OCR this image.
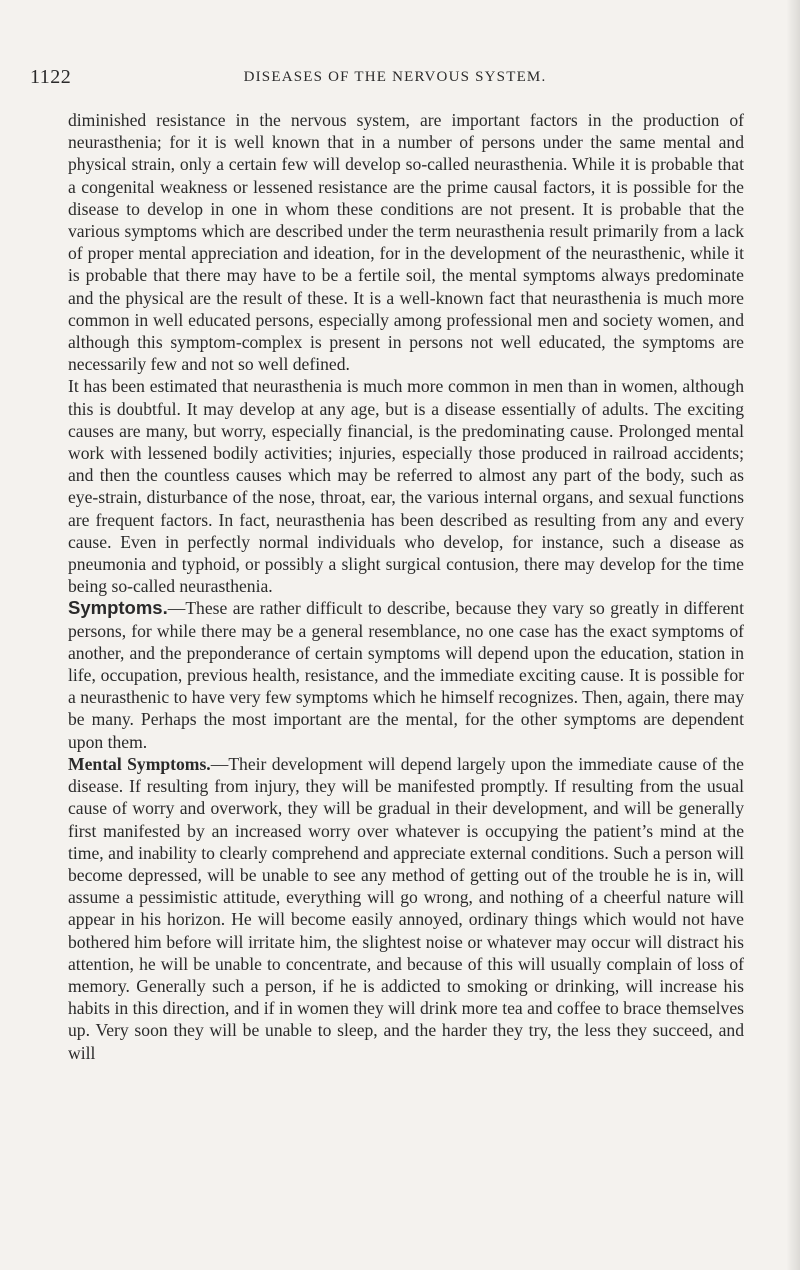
1122	DISEASES OF THE NERVOUS SYSTEM.

diminished resistance in the nervous system, are important factors in the production of neurasthenia; for it is well known that in a number of persons under the same mental and physical strain, only a certain few will develop so-called neurasthenia. While it is probable that a congenital weakness or lessened resistance are the prime causal factors, it is possible for the disease to develop in one in whom these conditions are not present. It is probable that the various symptoms which are described under the term neurasthenia result primarily from a lack of proper mental appreciation and ideation, for in the development of the neurasthenic, while it is probable that there may have to be a fertile soil, the mental symptoms always predominate and the physical are the result of these. It is a well-known fact that neurasthenia is much more common in well educated persons, especially among professional men and society women, and although this symptom-complex is present in persons not well educated, the symptoms are necessarily few and not so well defined.

It has been estimated that neurasthenia is much more common in men than in women, although this is doubtful. It may develop at any age, but is a disease essentially of adults. The exciting causes are many, but worry, especially financial, is the predominating cause. Prolonged mental work with lessened bodily activities; injuries, especially those produced in railroad accidents; and then the countless causes which may be referred to almost any part of the body, such as eye-strain, disturbance of the nose, throat, ear, the various internal organs, and sexual functions are frequent factors. In fact, neurasthenia has been described as resulting from any and every cause. Even in perfectly normal individuals who develop, for instance, such a disease as pneumonia and typhoid, or possibly a slight surgical contusion, there may develop for the time being so-called neurasthenia.

Symptoms.—These are rather difficult to describe, because they vary so greatly in different persons, for while there may be a general resemblance, no one case has the exact symptoms of another, and the preponderance of certain symptoms will depend upon the education, station in life, occupation, previous health, resistance, and the immediate exciting cause. It is possible for a neurasthenic to have very few symptoms which he himself recognizes. Then, again, there may be many. Perhaps the most important are the mental, for the other symptoms are dependent upon them.

Mental Symptoms.—Their development will depend largely upon the immediate cause of the disease. If resulting from injury, they will be manifested promptly. If resulting from the usual cause of worry and overwork, they will be gradual in their development, and will be generally first manifested by an increased worry over whatever is occupying the patient’s mind at the time, and inability to clearly comprehend and appreciate external conditions. Such a person will become depressed, will be unable to see any method of getting out of the trouble he is in, will assume a pessimistic attitude, everything will go wrong, and nothing of a cheerful nature will appear in his horizon. He will become easily annoyed, ordinary things which would not have bothered him before will irritate him, the slightest noise or whatever may occur will distract his attention, he will be unable to concentrate, and because of this will usually complain of loss of memory. Generally such a person, if he is addicted to smoking or drinking, will increase his habits in this direction, and if in women they will drink more tea and coffee to brace themselves up. Very soon they will be unable to sleep, and the harder they try, the less they succeed, and will
